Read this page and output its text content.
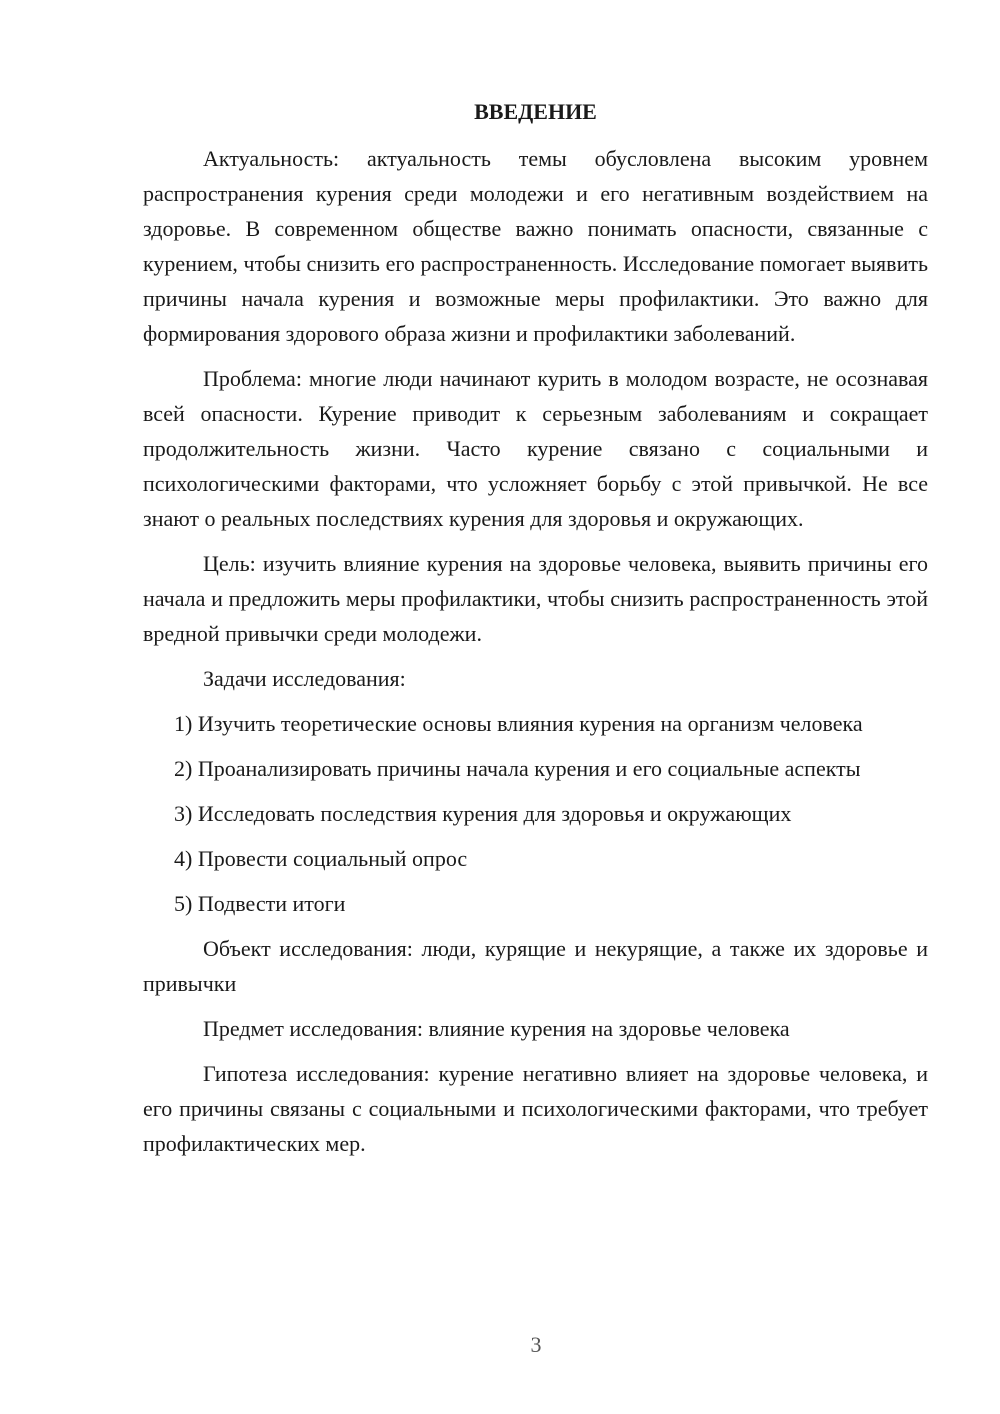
ВВЕДЕНИЕ

Актуальность: актуальность темы обусловлена высоким уровнем распространения курения среди молодежи и его негативным воздействием на здоровье. В современном обществе важно понимать опасности, связанные с курением, чтобы снизить его распространенность. Исследование помогает выявить причины начала курения и возможные меры профилактики. Это важно для формирования здорового образа жизни и профилактики заболеваний.

Проблема: многие люди начинают курить в молодом возрасте, не осознавая всей опасности. Курение приводит к серьезным заболеваниям и сокращает продолжительность жизни. Часто курение связано с социальными и психологическими факторами, что усложняет борьбу с этой привычкой. Не все знают о реальных последствиях курения для здоровья и окружающих.

Цель: изучить влияние курения на здоровье человека, выявить причины его начала и предложить меры профилактики, чтобы снизить распространенность этой вредной привычки среди молодежи.

Задачи исследования:

1) Изучить теоретические основы влияния курения на организм человека

2) Проанализировать причины начала курения и его социальные аспекты

3) Исследовать последствия курения для здоровья и окружающих

4) Провести социальный опрос

5) Подвести итоги

Объект исследования: люди, курящие и некурящие, а также их здоровье и привычки

Предмет исследования: влияние курения на здоровье человека

Гипотеза исследования: курение негативно влияет на здоровье человека, и его причины связаны с социальными и психологическими факторами, что требует профилактических мер.

3
